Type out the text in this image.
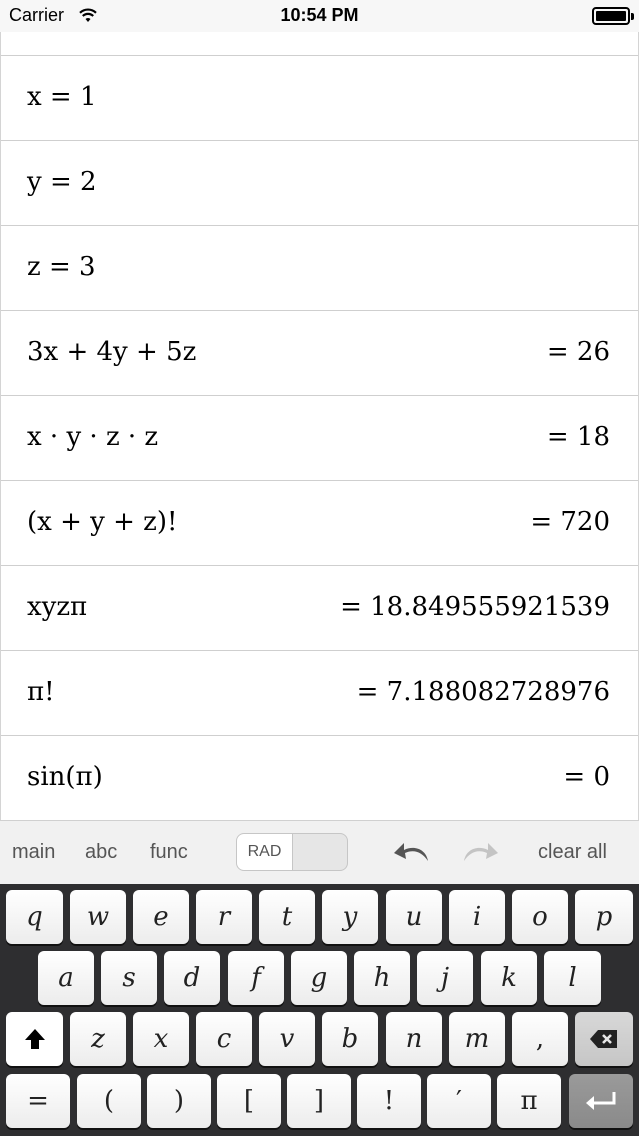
Carrier	10:54 PM
x = 1
y = 2
z = 3
3x + 4y + 5z	= 26
x · y · z · z	= 18
(x + y + z)!	= 720
xyzπ	= 18.849555921539
π!	= 7.188082728976
sin(π)	= 0
main abc func	RAD	clear all
q	w	e	r	t	y	u	i	o	p
a	s	d	f	g	h	j	k	l
z	x	c	v	b	n	m	,
=	(	)	[	]	!	′	π
